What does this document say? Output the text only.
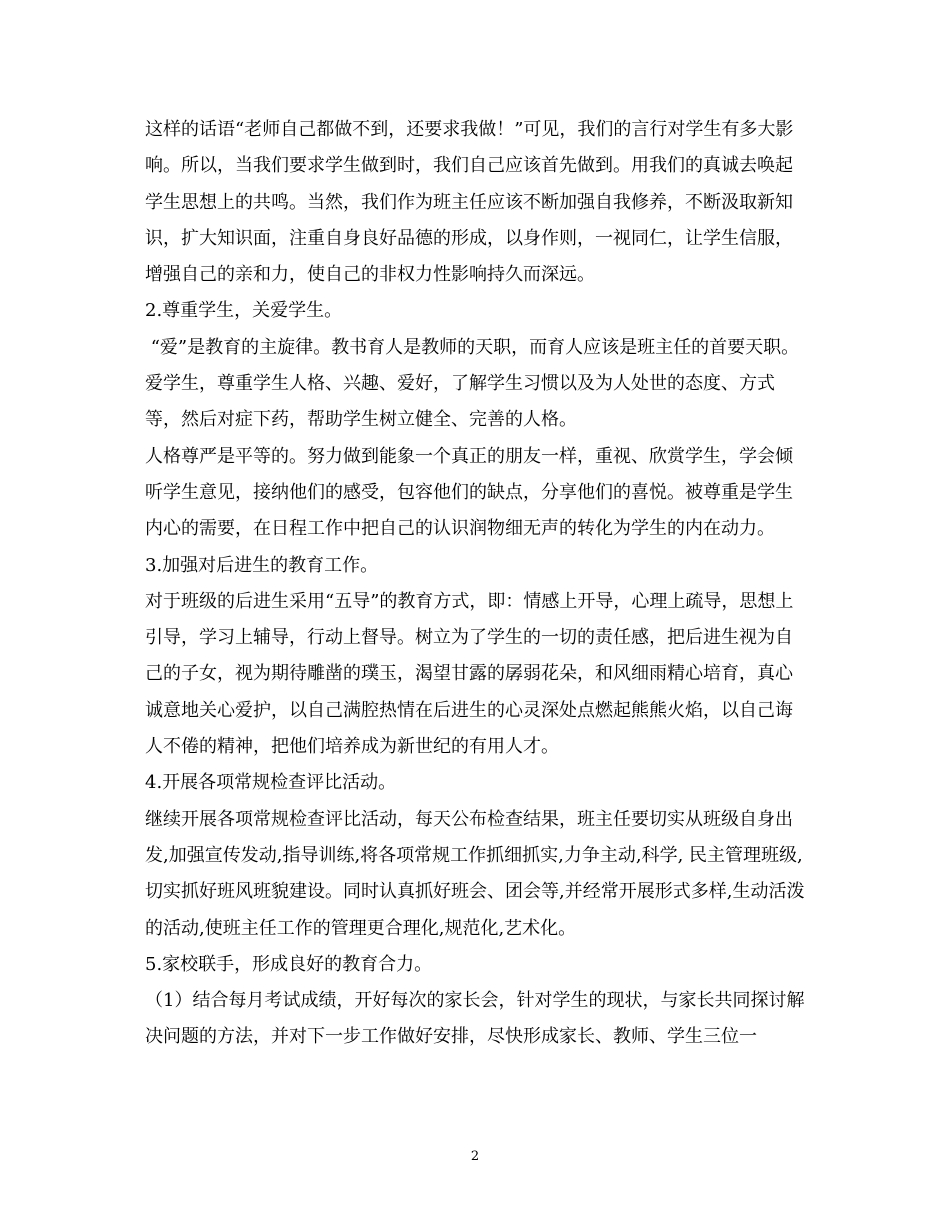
这样的话语“老师自己都做不到，还要求我做！”可见，我们的言行对学生有多大影响。所以，当我们要求学生做到时，我们自己应该首先做到。用我们的真诚去唤起学生思想上的共鸣。当然，我们作为班主任应该不断加强自我修养，不断汲取新知识，扩大知识面，注重自身良好品德的形成，以身作则，一视同仁，让学生信服，增强自己的亲和力，使自己的非权力性影响持久而深远。

2.尊重学生，关爱学生。

“爱”是教育的主旋律。教书育人是教师的天职，而育人应该是班主任的首要天职。爱学生，尊重学生人格、兴趣、爱好，了解学生习惯以及为人处世的态度、方式等，然后对症下药，帮助学生树立健全、完善的人格。

人格尊严是平等的。努力做到能象一个真正的朋友一样，重视、欣赏学生，学会倾听学生意见，接纳他们的感受，包容他们的缺点，分享他们的喜悦。被尊重是学生内心的需要，在日程工作中把自己的认识润物细无声的转化为学生的内在动力。

3.加强对后进生的教育工作。

对于班级的后进生采用“五导”的教育方式，即：情感上开导，心理上疏导，思想上引导，学习上辅导，行动上督导。树立为了学生的一切的责任感，把后进生视为自己的子女，视为期待雕凿的璞玉，渴望甘露的孱弱花朵，和风细雨精心培育，真心诚意地关心爱护，以自己满腔热情在后进生的心灵深处点燃起熊熊火焰，以自己诲人不倦的精神，把他们培养成为新世纪的有用人才。

4.开展各项常规检查评比活动。

继续开展各项常规检查评比活动，每天公布检查结果，班主任要切实从班级自身出发,加强宣传发动,指导训练,将各项常规工作抓细抓实,力争主动,科学, 民主管理班级,切实抓好班风班貌建设。同时认真抓好班会、团会等,并经常开展形式多样,生动活泼的活动,使班主任工作的管理更合理化,规范化,艺术化。

5.家校联手，形成良好的教育合力。

（1）结合每月考试成绩，开好每次的家长会，针对学生的现状，与家长共同探讨解决问题的方法，并对下一步工作做好安排，尽快形成家长、教师、学生三位一

2
